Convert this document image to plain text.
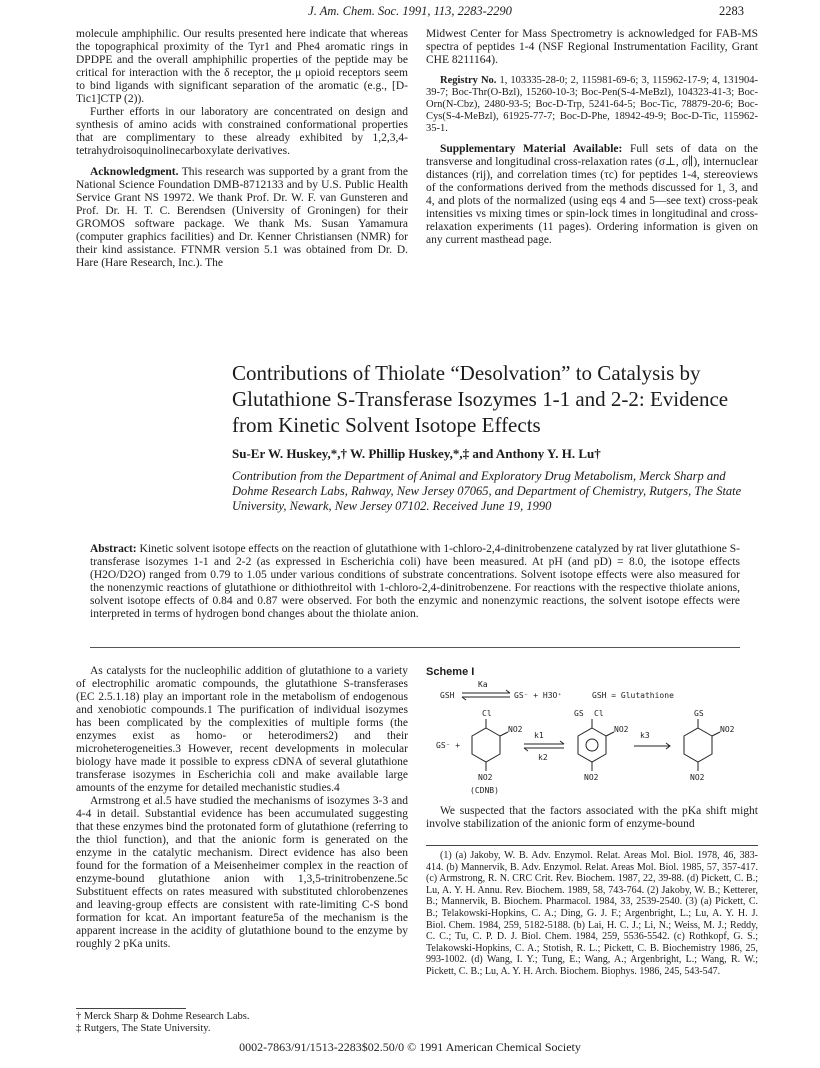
J. Am. Chem. Soc. 1991, 113, 2283-2290	2283

molecule amphiphilic. Our results presented here indicate that whereas the topographical proximity of the Tyr1 and Phe4 aromatic rings in DPDPE and the overall amphiphilic properties of the peptide may be critical for interaction with the δ receptor, the μ opioid receptors seem to bind ligands with significant separation of the aromatic (e.g., [D-Tic1]CTP (2)).

Further efforts in our laboratory are concentrated on design and synthesis of amino acids with constrained conformational properties that are complimentary to these already exhibited by 1,2,3,4-tetrahydroisoquinolinecarboxylate derivatives.

Acknowledgment. This research was supported by a grant from the National Science Foundation DMB-8712133 and by U.S. Public Health Service Grant NS 19972. We thank Prof. Dr. W. F. van Gunsteren and Prof. Dr. H. T. C. Berendsen (University of Groningen) for their GROMOS software package. We thank Ms. Susan Yamamura (computer graphics facilities) and Dr. Kenner Christiansen (NMR) for their kind assistance. FTNMR version 5.1 was obtained from Dr. D. Hare (Hare Research, Inc.). The

Midwest Center for Mass Spectrometry is acknowledged for FAB-MS spectra of peptides 1-4 (NSF Regional Instrumentation Facility, Grant CHE 8211164).

Registry No. 1, 103335-28-0; 2, 115981-69-6; 3, 115962-17-9; 4, 131904-39-7; Boc-Thr(O-Bzl), 15260-10-3; Boc-Pen(S-4-MeBzl), 104323-41-3; Boc-Orn(N-Cbz), 2480-93-5; Boc-D-Trp, 5241-64-5; Boc-Tic, 78879-20-6; Boc-Cys(S-4-MeBzl), 61925-77-7; Boc-D-Phe, 18942-49-9; Boc-D-Tic, 115962-35-1.

Supplementary Material Available: Full sets of data on the transverse and longitudinal cross-relaxation rates (σ⊥, σ∥), internuclear distances (rij), and correlation times (τc) for peptides 1-4, stereoviews of the conformations derived from the methods discussed for 1, 3, and 4, and plots of the normalized (using eqs 4 and 5—see text) cross-peak intensities vs mixing times or spin-lock times in longitudinal and cross-relaxation experiments (11 pages). Ordering information is given on any current masthead page.

Contributions of Thiolate “Desolvation” to Catalysis by Glutathione S-Transferase Isozymes 1-1 and 2-2: Evidence from Kinetic Solvent Isotope Effects
Su-Er W. Huskey,*,† W. Phillip Huskey,*,‡ and Anthony Y. H. Lu†
Contribution from the Department of Animal and Exploratory Drug Metabolism, Merck Sharp and Dohme Research Labs, Rahway, New Jersey 07065, and Department of Chemistry, Rutgers, The State University, Newark, New Jersey 07102. Received June 19, 1990
Abstract: Kinetic solvent isotope effects on the reaction of glutathione with 1-chloro-2,4-dinitrobenzene catalyzed by rat liver glutathione S-transferase isozymes 1-1 and 2-2 (as expressed in Escherichia coli) have been measured. At pH (and pD) = 8.0, the isotope effects (H2O/D2O) ranged from 0.79 to 1.05 under various conditions of substrate concentrations. Solvent isotope effects were also measured for the nonenzymic reactions of glutathione or dithiothreitol with 1-chloro-2,4-dinitrobenzene. For reactions with the respective thiolate anions, solvent isotope effects of 0.84 and 0.87 were observed. For both the enzymic and nonenzymic reactions, the solvent isotope effects were interpreted in terms of hydrogen bond changes about the thiolate anion.

As catalysts for the nucleophilic addition of glutathione to a variety of electrophilic aromatic compounds, the glutathione S-transferases (EC 2.5.1.18) play an important role in the metabolism of endogenous and xenobiotic compounds.1 The purification of individual isozymes has been complicated by the complexities of multiple forms (the enzymes exist as homo- or heterodimers2) and their microheterogeneities.3 However, recent developments in molecular biology have made it possible to express cDNA of several glutathione transferase isozymes in Escherichia coli and make available large amounts of the enzyme for detailed mechanistic studies.4

Armstrong et al.5 have studied the mechanisms of isozymes 3-3 and 4-4 in detail. Substantial evidence has been accumulated suggesting that these enzymes bind the protonated form of glutathione (referring to the thiol function), and that the anionic form is generated on the enzyme in the catalytic mechanism. Direct evidence has also been found for the formation of a Meisenheimer complex in the reaction of enzyme-bound glutathione anion with 1,3,5-trinitrobenzene.5c Substituent effects on rates measured with substituted chlorobenzenes and leaving-group effects are consistent with rate-limiting C-S bond formation for kcat. An important feature5a of the mechanism is the apparent increase in the acidity of glutathione bound to the enzyme by roughly 2 pKa units.

† Merck Sharp & Dohme Research Labs.

‡ Rutgers, The State University.

Scheme I
GSH
Ka
GS⁻ + H3O⁺	GSH = Glutathione
GS⁻ +
Cl
NO2
NO2
(CDNB)
k1
k2
GS Cl
NO2
NO2
k3
GS
NO2
NO2

We suspected that the factors associated with the pKa shift might involve stabilization of the anionic form of enzyme-bound

(1) (a) Jakoby, W. B. Adv. Enzymol. Relat. Areas Mol. Biol. 1978, 46, 383-414. (b) Mannervik, B. Adv. Enzymol. Relat. Areas Mol. Biol. 1985, 57, 357-417. (c) Armstrong, R. N. CRC Crit. Rev. Biochem. 1987, 22, 39-88. (d) Pickett, C. B.; Lu, A. Y. H. Annu. Rev. Biochem. 1989, 58, 743-764. (2) Jakoby, W. B.; Ketterer, B.; Mannervik, B. Biochem. Pharmacol. 1984, 33, 2539-2540. (3) (a) Pickett, C. B.; Telakowski-Hopkins, C. A.; Ding, G. J. F.; Argenbright, L.; Lu, A. Y. H. J. Biol. Chem. 1984, 259, 5182-5188. (b) Lai, H. C. J.; Li, N.; Weiss, M. J.; Reddy, C. C.; Tu, C. P. D. J. Biol. Chem. 1984, 259, 5536-5542. (c) Rothkopf, G. S.; Telakowski-Hopkins, C. A.; Stotish, R. L.; Pickett, C. B. Biochemistry 1986, 25, 993-1002. (d) Wang, I. Y.; Tung, E.; Wang, A.; Argenbright, L.; Wang, R. W.; Pickett, C. B.; Lu, A. Y. H. Arch. Biochem. Biophys. 1986, 245, 543-547.

0002-7863/91/1513-2283$02.50/0 © 1991 American Chemical Society
